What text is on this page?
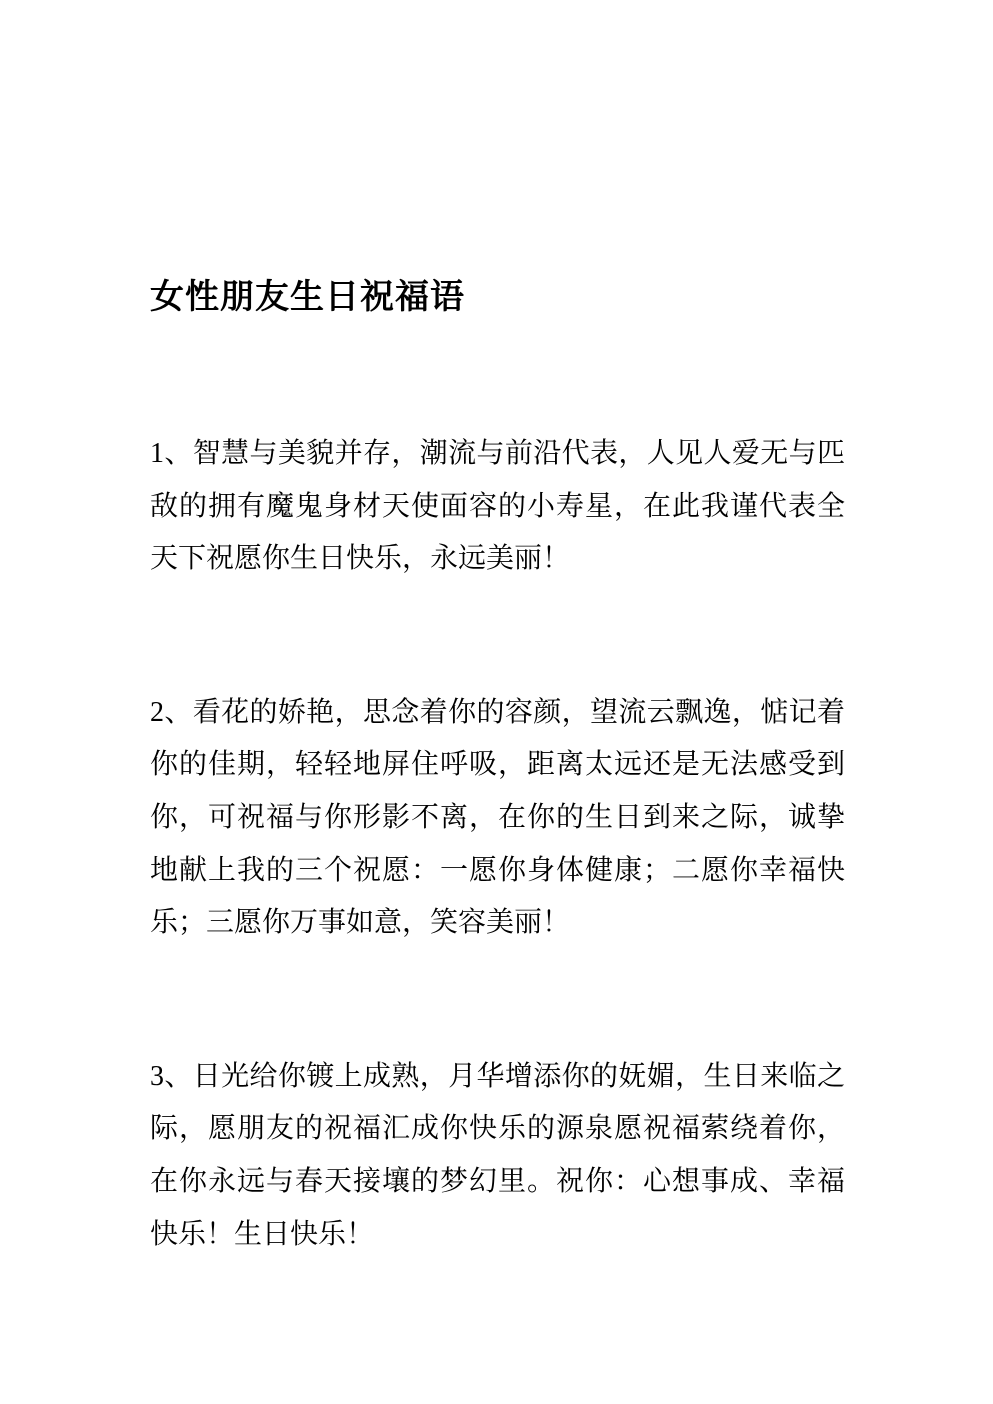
女性朋友生日祝福语

1、智慧与美貌并存，潮流与前沿代表，人见人爱无与匹敌的拥有魔鬼身材天使面容的小寿星，在此我谨代表全天下祝愿你生日快乐，永远美丽！

2、看花的娇艳，思念着你的容颜，望流云飘逸，惦记着你的佳期，轻轻地屏住呼吸，距离太远还是无法感受到你，可祝福与你形影不离，在你的生日到来之际，诚挚地献上我的三个祝愿：一愿你身体健康；二愿你幸福快乐；三愿你万事如意，笑容美丽！

3、日光给你镀上成熟，月华增添你的妩媚，生日来临之际，愿朋友的祝福汇成你快乐的源泉愿祝福萦绕着你，在你永远与春天接壤的梦幻里。祝你：心想事成、幸福快乐！生日快乐！
